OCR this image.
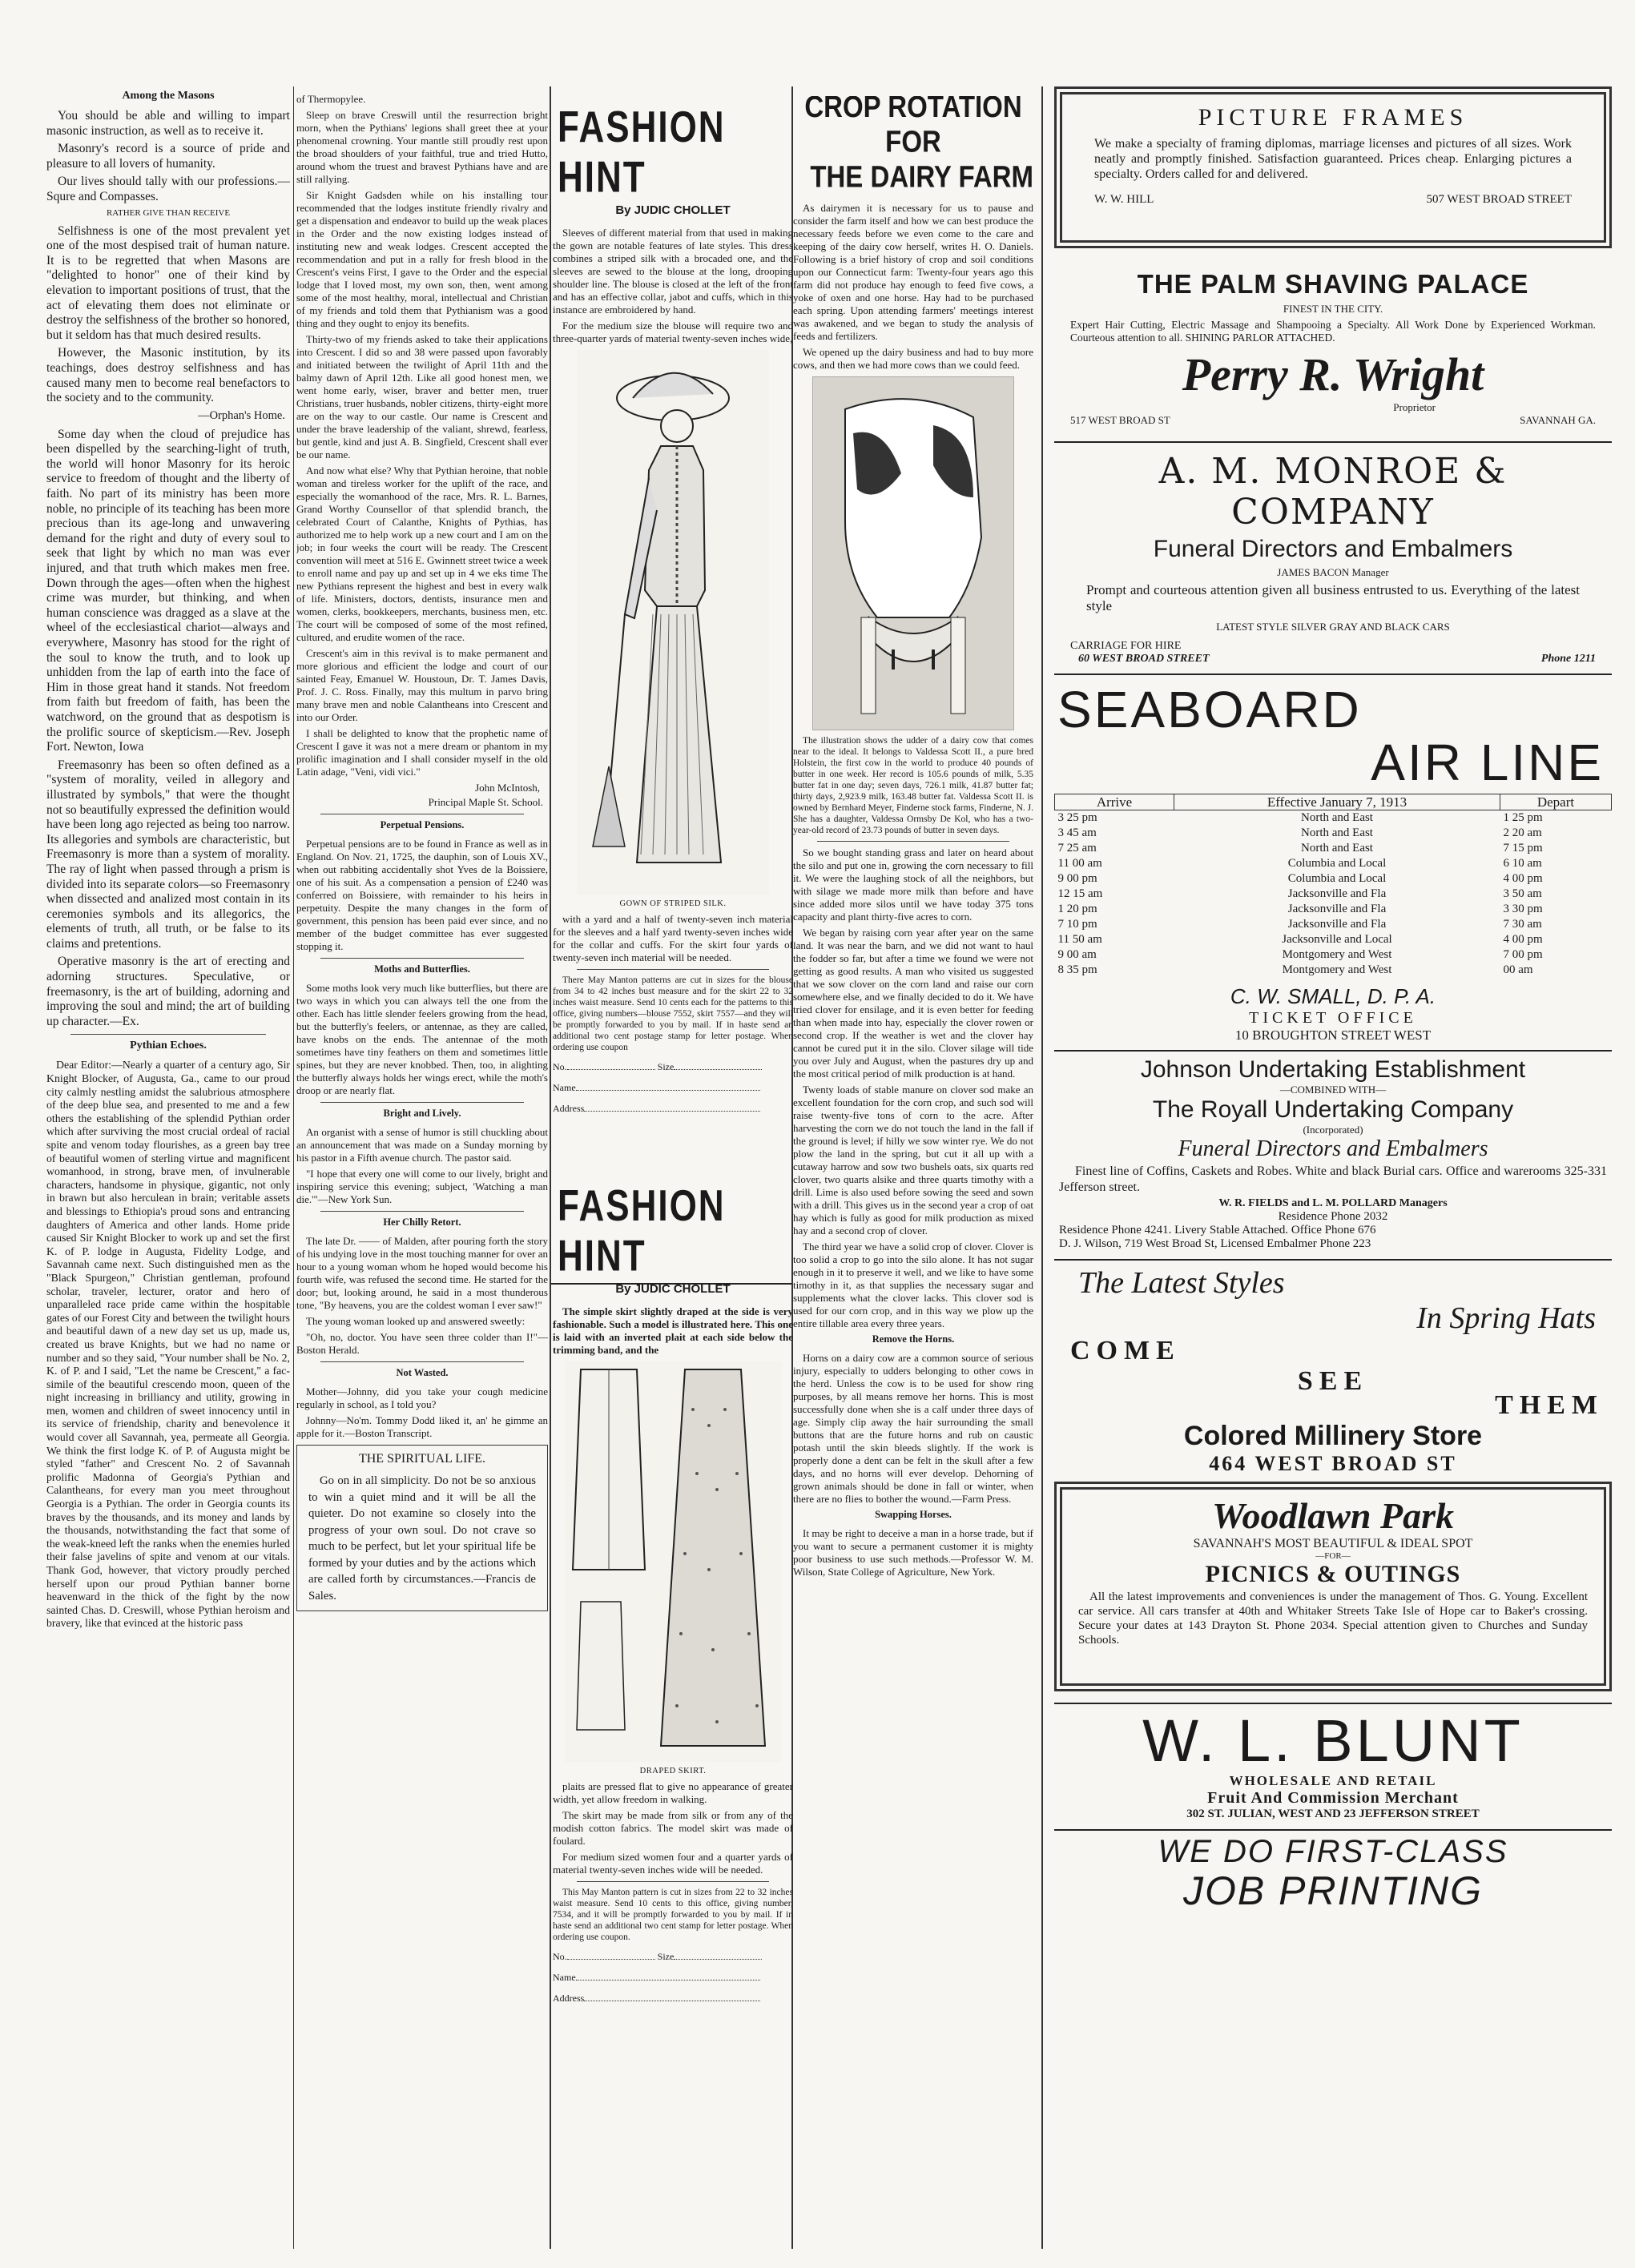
Among the Masons

You should be able and willing to impart masonic instruction, as well as to receive it.

Masonry's record is a source of pride and pleasure to all lovers of humanity.

Our lives should tally with our professions.—Squre and Compasses.

RATHER GIVE THAN RECEIVE

Selfishness is one of the most prevalent yet one of the most despised trait of human nature. It is to be regretted that when Masons are "delighted to honor" one of their kind by elevation to important positions of trust, that the act of elevating them does not eliminate or destroy the selfishness of the brother so honored, but it seldom has that much desired results.

However, the Masonic institution, by its teachings, does destroy selfishness and has caused many men to become real benefactors to the society and to the community.

—Orphan's Home.

Some day when the cloud of prejudice has been dispelled by the searching-light of truth, the world will honor Masonry for its heroic service to freedom of thought and the liberty of faith. No part of its ministry has been more noble, no principle of its teaching has been more precious than its age-long and unwavering demand for the right and duty of every soul to seek that light by which no man was ever injured, and that truth which makes men free. Down through the ages—often when the highest crime was murder, but thinking, and when human conscience was dragged as a slave at the wheel of the ecclesiastical chariot—always and everywhere, Masonry has stood for the right of the soul to know the truth, and to look up unhidden from the lap of earth into the face of Him in those great hand it stands. Not freedom from faith but freedom of faith, has been the watchword, on the ground that as despotism is the prolific source of skepticism.—Rev. Joseph Fort. Newton, Iowa

Freemasonry has been so often defined as a "system of morality, veiled in allegory and illustrated by symbols," that were the thought not so beautifully expressed the definition would have been long ago rejected as being too narrow. Its allegories and symbols are characteristic, but Freemasonry is more than a system of morality. The ray of light when passed through a prism is divided into its separate colors—so Freemasonry when dissected and analized most contain in its ceremonies symbols and its allegorics, the elements of truth, all truth, or be false to its claims and pretentions.

Operative masonry is the art of erecting and adorning structures. Speculative, or freemasonry, is the art of building, adorning and improving the soul and mind; the art of building up character.—Ex.

Pythian Echoes.

Dear Editor:—Nearly a quarter of a century ago, Sir Knight Blocker, of Augusta, Ga., came to our proud city calmly nestling amidst the salubrious atmosphere of the deep blue sea, and presented to me and a few others the establishing of the splendid Pythian order which after surviving the most crucial ordeal of racial spite and venom today flourishes, as a green bay tree of beautiful women of sterling virtue and magnificent womanhood, in strong, brave men, of invulnerable characters, handsome in physique, gigantic, not only in brawn but also herculean in brain; veritable assets and blessings to Ethiopia's proud sons and entrancing daughters of America and other lands. Home pride caused Sir Knight Blocker to work up and set the first K. of P. lodge in Augusta, Fidelity Lodge, and Savannah came next. Such distinguished men as the "Black Spurgeon," Christian gentleman, profound scholar, traveler, lecturer, orator and hero of unparalleled race pride came within the hospitable gates of our Forest City and between the twilight hours and beautiful dawn of a new day set us up, made us, created us brave Knights, but we had no name or number and so they said, "Your number shall be No. 2, K. of P. and I said, "Let the name be Crescent," a fac-simile of the beautiful crescendo moon, queen of the night increasing in brilliancy and utility, growing in men, women and children of sweet innocency until in its service of friendship, charity and benevolence it would cover all Savannah, yea, permeate all Georgia. We think the first lodge K. of P. of Augusta might be styled "father" and Crescent No. 2 of Savannah prolific Madonna of Georgia's Pythian and Calantheans, for every man you meet throughout Georgia is a Pythian. The order in Georgia counts its braves by the thousands, and its money and lands by the thousands, notwithstanding the fact that some of the weak-kneed left the ranks when the enemies hurled their false javelins of spite and venom at our vitals. Thank God, however, that victory proudly perched herself upon our proud Pythian banner borne heavenward in the thick of the fight by the now sainted Chas. D. Creswill, whose Pythian heroism and bravery, like that evinced at the historic pass

of Thermopylee.

Sleep on brave Creswill until the resurrection bright morn, when the Pythians' legions shall greet thee at your phenomenal crowning. Your mantle still proudly rest upon the broad shoulders of your faithful, true and tried Hutto, around whom the truest and bravest Pythians have and are still rallying.

Sir Knight Gadsden while on his installing tour recommended that the lodges institute friendly rivalry and get a dispensation and endeavor to build up the weak places in the Order and the now existing lodges instead of instituting new and weak lodges. Crescent accepted the recommendation and put in a rally for fresh blood in the Crescent's veins First, I gave to the Order and the especial lodge that I loved most, my own son, then, went among some of the most healthy, moral, intellectual and Christian of my friends and told them that Pythianism was a good thing and they ought to enjoy its benefits.

Thirty-two of my friends asked to take their applications into Crescent. I did so and 38 were passed upon favorably and initiated between the twilight of April 11th and the balmy dawn of April 12th. Like all good honest men, we went home early, wiser, braver and better men, truer Christians, truer husbands, nobler citizens, thirty-eight more are on the way to our castle. Our name is Crescent and under the brave leadership of the valiant, shrewd, fearless, but gentle, kind and just A. B. Singfield, Crescent shall ever be our name.

And now what else? Why that Pythian heroine, that noble woman and tireless worker for the uplift of the race, and especially the womanhood of the race, Mrs. R. L. Barnes, Grand Worthy Counsellor of that splendid branch, the celebrated Court of Calanthe, Knights of Pythias, has authorized me to help work up a new court and I am on the job; in four weeks the court will be ready. The Crescent convention will meet at 516 E. Gwinnett street twice a week to enroll name and pay up and set up in 4 we eks time The new Pythians represent the highest and best in every walk of life. Ministers, doctors, dentists, insurance men and women, clerks, bookkeepers, merchants, business men, etc. The court will be composed of some of the most refined, cultured, and erudite women of the race.

Crescent's aim in this revival is to make permanent and more glorious and efficient the lodge and court of our sainted Feay, Emanuel W. Houstoun, Dr. T. James Davis, Prof. J. C. Ross. Finally, may this multum in parvo bring many brave men and noble Calantheans into Crescent and into our Order.

I shall be delighted to know that the prophetic name of Crescent I gave it was not a mere dream or phantom in my prolific imagination and I shall consider myself in the old Latin adage, "Veni, vidi vici."

John McIntosh,
Principal Maple St. School.
Perpetual Pensions.

Perpetual pensions are to be found in France as well as in England. On Nov. 21, 1725, the dauphin, son of Louis XV., when out rabbiting accidentally shot Yves de la Boissiere, one of his suit. As a compensation a pension of £240 was conferred on Boissiere, with remainder to his heirs in perpetuity. Despite the many changes in the form of government, this pension has been paid ever since, and no member of the budget committee has ever suggested stopping it.

Moths and Butterflies.

Some moths look very much like butterflies, but there are two ways in which you can always tell the one from the other. Each has little slender feelers growing from the head, but the butterfly's feelers, or antennae, as they are called, have knobs on the ends. The antennae of the moth sometimes have tiny feathers on them and sometimes little spines, but they are never knobbed. Then, too, in alighting the butterfly always holds her wings erect, while the moth's droop or are nearly flat.

Bright and Lively.

An organist with a sense of humor is still chuckling about an announcement that was made on a Sunday morning by his pastor in a Fifth avenue church. The pastor said.

"I hope that every one will come to our lively, bright and inspiring service this evening; subject, 'Watching a man die.'"—New York Sun.

Her Chilly Retort.

The late Dr. —— of Malden, after pouring forth the story of his undying love in the most touching manner for over an hour to a young woman whom he hoped would become his fourth wife, was refused the second time. He started for the door; but, looking around, he said in a most thunderous tone, "By heavens, you are the coldest woman I ever saw!"

The young woman looked up and answered sweetly:

"Oh, no, doctor. You have seen three colder than I!"—Boston Herald.

Not Wasted.

Mother—Johnny, did you take your cough medicine regularly in school, as I told you?

Johnny—No'm. Tommy Dodd liked it, an' he gimme an apple for it.—Boston Transcript.

THE SPIRITUAL LIFE.

Go on in all simplicity. Do not be so anxious to win a quiet mind and it will be all the quieter. Do not examine so closely into the progress of your own soul. Do not crave so much to be perfect, but let your spiritual life be formed by your duties and by the actions which are called forth by circumstances.—Francis de Sales.

FASHION HINT
By JUDIC CHOLLET

Sleeves of different material from that used in making the gown are notable features of late styles. This dress combines a striped silk with a brocaded one, and the sleeves are sewed to the blouse at the long, drooping shoulder line. The blouse is closed at the left of the front and has an effective collar, jabot and cuffs, which in this instance are embroidered by hand.

For the medium size the blouse will require two and three-quarter yards of material twenty-seven inches wide,

GOWN OF STRIPED SILK.

with a yard and a half of twenty-seven inch material for the sleeves and a half yard twenty-seven inches wide for the collar and cuffs. For the skirt four yards of twenty-seven inch material will be needed.

There May Manton patterns are cut in sizes for the blouse from 34 to 42 inches bust measure and for the skirt 22 to 32 inches waist measure. Send 10 cents each for the patterns to this office, giving numbers—blouse 7552, skirt 7557—and they will be promptly forwarded to you by mail. If in haste send an additional two cent postage stamp for letter postage. When ordering use coupon

No.	Size
Name
Address
FASHION HINT
By JUDIC CHOLLET

The simple skirt slightly draped at the side is very fashionable. Such a model is illustrated here. This one is laid with an inverted plait at each side below the trimming band, and the

DRAPED SKIRT.

plaits are pressed flat to give no appearance of greater width, yet allow freedom in walking.

The skirt may be made from silk or from any of the modish cotton fabrics. The model skirt was made of foulard.

For medium sized women four and a quarter yards of material twenty-seven inches wide will be needed.

This May Manton pattern is cut in sizes from 22 to 32 inches waist measure. Send 10 cents to this office, giving number, 7534, and it will be promptly forwarded to you by mail. If in haste send an additional two cent stamp for letter postage. When ordering use coupon.

No.	Size
Name
Address
CROP ROTATION FOR
THE DAIRY FARM

As dairymen it is necessary for us to pause and consider the farm itself and how we can best produce the necessary feeds before we even come to the care and keeping of the dairy cow herself, writes H. O. Daniels. Following is a brief history of crop and soil conditions upon our Connecticut farm: Twenty-four years ago this farm did not produce hay enough to feed five cows, a yoke of oxen and one horse. Hay had to be purchased each spring. Upon attending farmers' meetings interest was awakened, and we began to study the analysis of feeds and fertilizers.

We opened up the dairy business and had to buy more cows, and then we had more cows than we could feed.

The illustration shows the udder of a dairy cow that comes near to the ideal. It belongs to Valdessa Scott II., a pure bred Holstein, the first cow in the world to produce 40 pounds of butter in one week. Her record is 105.6 pounds of milk, 5.35 butter fat in one day; seven days, 726.1 milk, 41.87 butter fat; thirty days, 2,923.9 milk, 163.48 butter fat. Valdessa Scott II. is owned by Bernhard Meyer, Finderne stock farms, Finderne, N. J. She has a daughter, Valdessa Ormsby De Kol, who has a two-year-old record of 23.73 pounds of butter in seven days.

So we bought standing grass and later on heard about the silo and put one in, growing the corn necessary to fill it. We were the laughing stock of all the neighbors, but with silage we made more milk than before and have since added more silos until we have today 375 tons capacity and plant thirty-five acres to corn.

We began by raising corn year after year on the same land. It was near the barn, and we did not want to haul the fodder so far, but after a time we found we were not getting as good results. A man who visited us suggested that we sow clover on the corn land and raise our corn somewhere else, and we finally decided to do it. We have tried clover for ensilage, and it is even better for feeding than when made into hay, especially the clover rowen or second crop. If the weather is wet and the clover hay cannot be cured put it in the silo. Clover silage will tide you over July and August, when the pastures dry up and the most critical period of milk production is at hand.

Twenty loads of stable manure on clover sod make an excellent foundation for the corn crop, and such sod will raise twenty-five tons of corn to the acre. After harvesting the corn we do not touch the land in the fall if the ground is level; if hilly we sow winter rye. We do not plow the land in the spring, but cut it all up with a cutaway harrow and sow two bushels oats, six quarts red clover, two quarts alsike and three quarts timothy with a drill. Lime is also used before sowing the seed and sown with a drill. This gives us in the second year a crop of oat hay which is fully as good for milk production as mixed hay and a second crop of clover.

The third year we have a solid crop of clover. Clover is too solid a crop to go into the silo alone. It has not sugar enough in it to preserve it well, and we like to have some timothy in it, as that supplies the necessary sugar and supplements what the clover lacks. This clover sod is used for our corn crop, and in this way we plow up the entire tillable area every three years.

Remove the Horns.

Horns on a dairy cow are a common source of serious injury, especially to udders belonging to other cows in the herd. Unless the cow is to be used for show ring purposes, by all means remove her horns. This is most successfully done when she is a calf under three days of age. Simply clip away the hair surrounding the small buttons that are the future horns and rub on caustic potash until the skin bleeds slightly. If the work is properly done a dent can be felt in the skull after a few days, and no horns will ever develop. Dehorning of grown animals should be done in fall or winter, when there are no flies to bother the wound.—Farm Press.

Swapping Horses.

It may be right to deceive a man in a horse trade, but if you want to secure a permanent customer it is mighty poor business to use such methods.—Professor W. M. Wilson, State College of Agriculture, New York.

PICTURE FRAMES

We make a specialty of framing diplomas, marriage licenses and pictures of all sizes. Work neatly and promptly finished. Satisfaction guaranteed. Prices cheap. Enlarging pictures a specialty. Orders called for and delivered.

W. W. HILL	507 WEST BROAD STREET
THE PALM SHAVING PALACE
FINEST IN THE CITY.

Expert Hair Cutting, Electric Massage and Shampooing a Specialty. All Work Done by Experienced Workman. Courteous attention to all. SHINING PARLOR ATTACHED.

Perry R. Wright
Proprietor
517 WEST BROAD ST	SAVANNAH GA.
A. M. MONROE & COMPANY
Funeral Directors and Embalmers
JAMES BACON Manager

Prompt and courteous attention given all business entrusted to us. Everything of the latest style

LATEST STYLE SILVER GRAY AND BLACK CARS
CARRIAGE FOR HIRE
60 WEST BROAD STREET	Phone 1211
SEABOARD
AIR LINE
Arrive	Effective January 7, 1913	Depart
3 25 pm	North and East	1 25 pm
3 45 am	North and East	2 20 am
7 25 am	North and East	7 15 pm
11 00 am	Columbia and Local	6 10 am
9 00 pm	Columbia and Local	4 00 pm
12 15 am	Jacksonville and Fla	3 50 am
1 20 pm	Jacksonville and Fla	3 30 pm
7 10 pm	Jacksonville and Fla	7 30 am
11 50 am	Jacksonville and Local	4 00 pm
9 00 am	Montgomery and West	7 00 pm
8 35 pm	Montgomery and West	00 am
C. W. SMALL, D. P. A.
TICKET OFFICE
10 BROUGHTON STREET WEST
Johnson Undertaking Establishment
—COMBINED WITH—
The Royall Undertaking Company
(Incorporated)
Funeral Directors and Embalmers

Finest line of Coffins, Caskets and Robes. White and black Burial cars. Office and warerooms 325-331 Jefferson street.

W. R. FIELDS and L. M. POLLARD Managers
Residence Phone 2032
Residence Phone 4241. Livery Stable Attached. Office Phone 676
D. J. Wilson, 719 West Broad St, Licensed Embalmer Phone 223
The Latest Styles
In Spring Hats
COME
SEE
THEM
Colored Millinery Store
464 WEST BROAD ST
Woodlawn Park
SAVANNAH'S MOST BEAUTIFUL & IDEAL SPOT
—FOR—
PICNICS & OUTINGS

All the latest improvements and conveniences is under the management of Thos. G. Young. Excellent car service. All cars transfer at 40th and Whitaker Streets Take Isle of Hope car to Baker's crossing. Secure your dates at 143 Drayton St. Phone 2034. Special attention given to Churches and Sunday Schools.

W. L. BLUNT
WHOLESALE AND RETAIL
Fruit And Commission Merchant
302 ST. JULIAN, WEST AND 23 JEFFERSON STREET
WE DO FIRST-CLASS
JOB PRINTING
